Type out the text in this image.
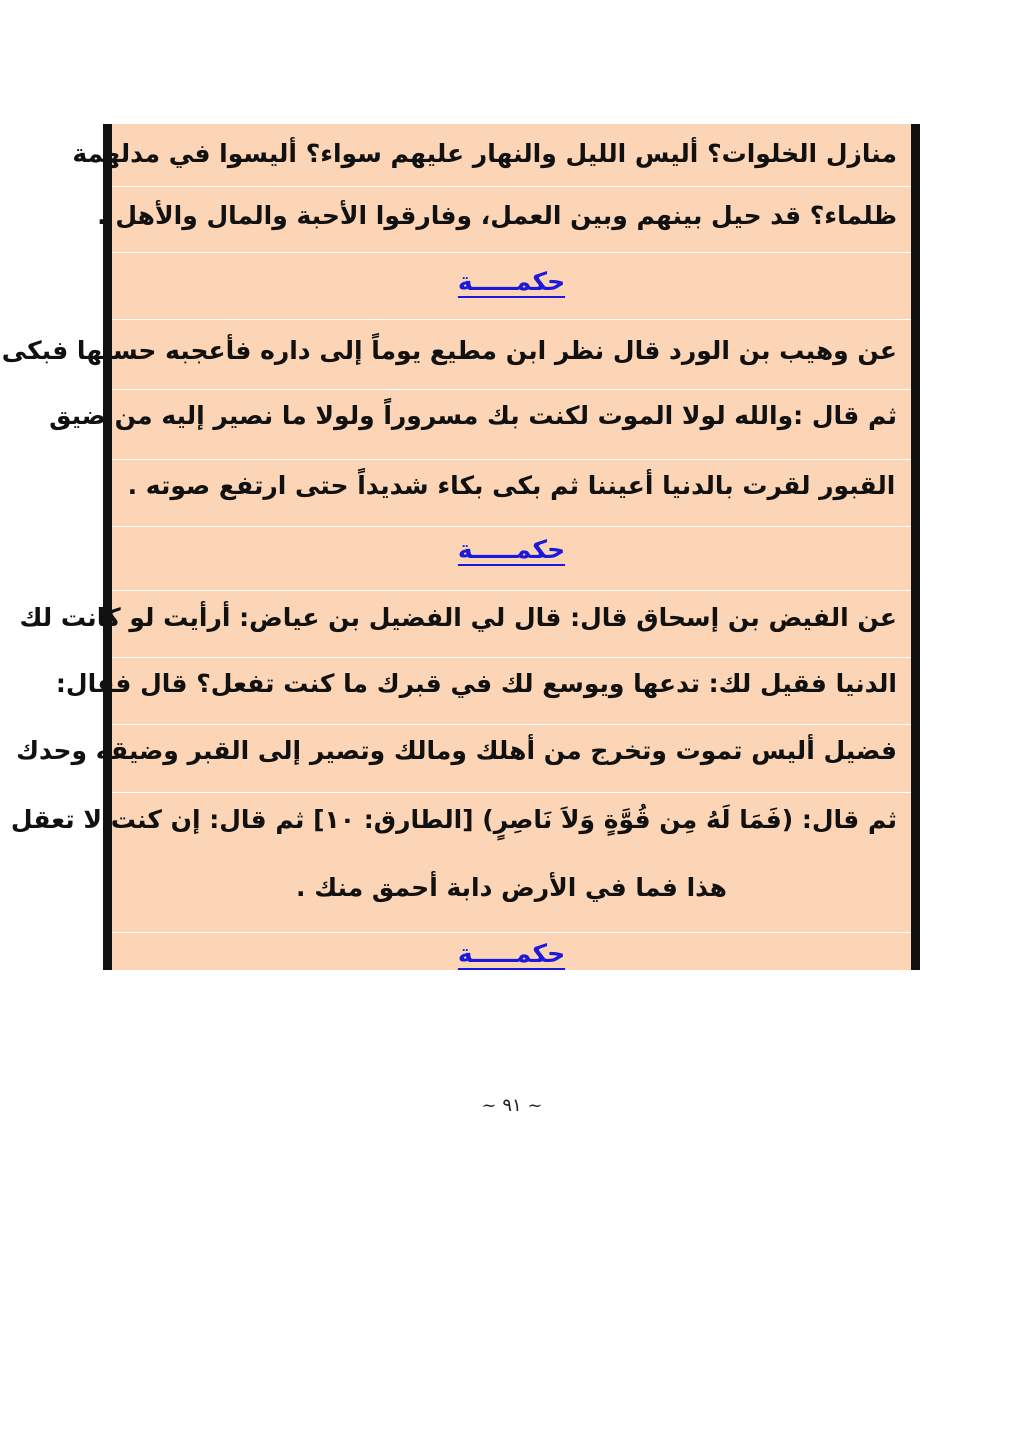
منازل الخلوات؟ أليس الليل والنهار عليهم سواء؟ أليسوا في مدلهمة
ظلماء؟ قد حيل بينهم وبين العمل، وفارقوا الأحبة والمال والأهل .
حكمـــــة
عن وهيب بن الورد قال نظر ابن مطيع يوماً إلى داره فأعجبه حسنها فبكى
ثم قال :والله لولا الموت لكنت بك مسروراً ولولا ما نصير إليه من ضيق
القبور لقرت بالدنيا أعيننا ثم بكى بكاء شديداً حتى ارتفع صوته .
حكمـــــة
عن الفيض بن إسحاق قال: قال لي الفضيل بن عياض: أرأيت لو كانت لك
الدنيا فقيل لك: تدعها ويوسع لك في قبرك ما كنت تفعل؟ قال فقال:
فضيل أليس تموت وتخرج من أهلك ومالك وتصير إلى القبر وضيقه وحدك
ثم قال: (فَمَا لَهُ مِن قُوَّةٍ وَلاَ نَاصِرٍ) [الطارق: ١٠] ثم قال: إن كنت لا تعقل
هذا فما في الأرض دابة أحمق منك .
حكمـــــة
~ ٩١ ~
